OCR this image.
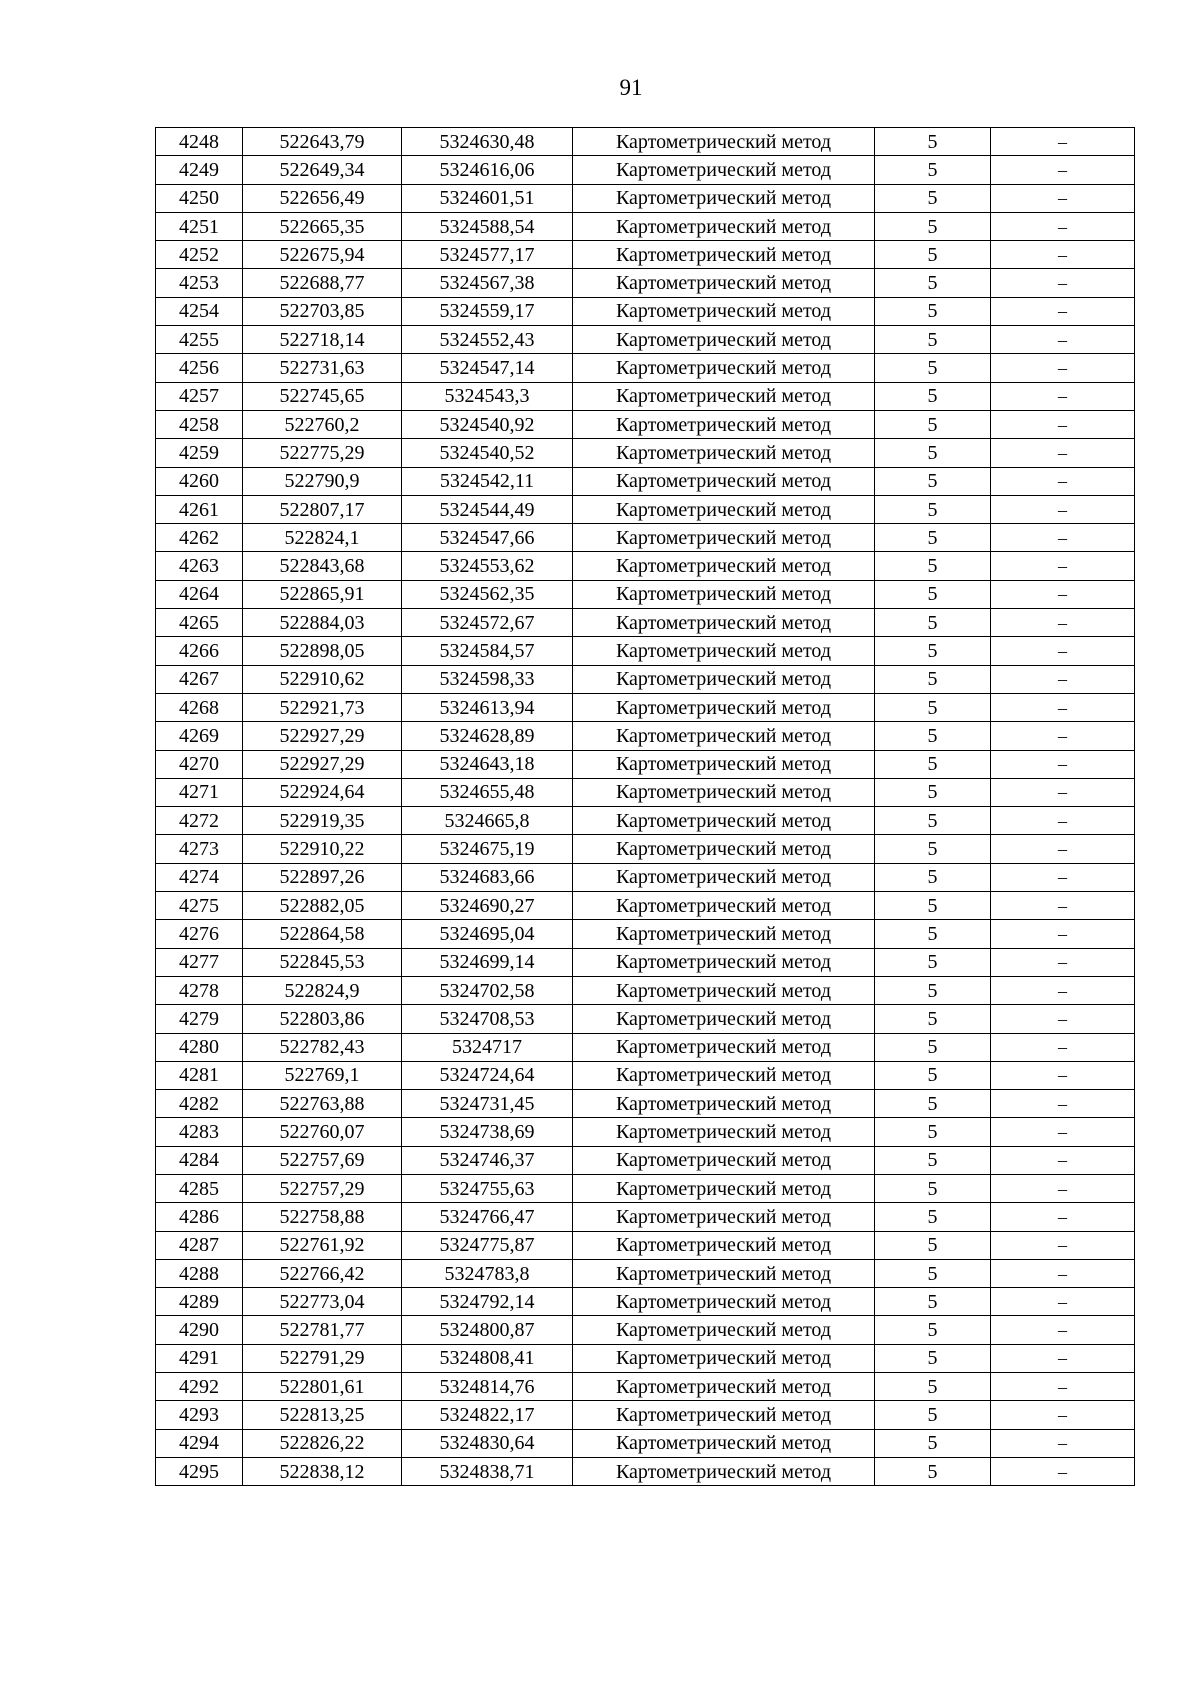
91
4248	522643,79	5324630,48	Картометрический метод	5	–
4249	522649,34	5324616,06	Картометрический метод	5	–
4250	522656,49	5324601,51	Картометрический метод	5	–
4251	522665,35	5324588,54	Картометрический метод	5	–
4252	522675,94	5324577,17	Картометрический метод	5	–
4253	522688,77	5324567,38	Картометрический метод	5	–
4254	522703,85	5324559,17	Картометрический метод	5	–
4255	522718,14	5324552,43	Картометрический метод	5	–
4256	522731,63	5324547,14	Картометрический метод	5	–
4257	522745,65	5324543,3	Картометрический метод	5	–
4258	522760,2	5324540,92	Картометрический метод	5	–
4259	522775,29	5324540,52	Картометрический метод	5	–
4260	522790,9	5324542,11	Картометрический метод	5	–
4261	522807,17	5324544,49	Картометрический метод	5	–
4262	522824,1	5324547,66	Картометрический метод	5	–
4263	522843,68	5324553,62	Картометрический метод	5	–
4264	522865,91	5324562,35	Картометрический метод	5	–
4265	522884,03	5324572,67	Картометрический метод	5	–
4266	522898,05	5324584,57	Картометрический метод	5	–
4267	522910,62	5324598,33	Картометрический метод	5	–
4268	522921,73	5324613,94	Картометрический метод	5	–
4269	522927,29	5324628,89	Картометрический метод	5	–
4270	522927,29	5324643,18	Картометрический метод	5	–
4271	522924,64	5324655,48	Картометрический метод	5	–
4272	522919,35	5324665,8	Картометрический метод	5	–
4273	522910,22	5324675,19	Картометрический метод	5	–
4274	522897,26	5324683,66	Картометрический метод	5	–
4275	522882,05	5324690,27	Картометрический метод	5	–
4276	522864,58	5324695,04	Картометрический метод	5	–
4277	522845,53	5324699,14	Картометрический метод	5	–
4278	522824,9	5324702,58	Картометрический метод	5	–
4279	522803,86	5324708,53	Картометрический метод	5	–
4280	522782,43	5324717	Картометрический метод	5	–
4281	522769,1	5324724,64	Картометрический метод	5	–
4282	522763,88	5324731,45	Картометрический метод	5	–
4283	522760,07	5324738,69	Картометрический метод	5	–
4284	522757,69	5324746,37	Картометрический метод	5	–
4285	522757,29	5324755,63	Картометрический метод	5	–
4286	522758,88	5324766,47	Картометрический метод	5	–
4287	522761,92	5324775,87	Картометрический метод	5	–
4288	522766,42	5324783,8	Картометрический метод	5	–
4289	522773,04	5324792,14	Картометрический метод	5	–
4290	522781,77	5324800,87	Картометрический метод	5	–
4291	522791,29	5324808,41	Картометрический метод	5	–
4292	522801,61	5324814,76	Картометрический метод	5	–
4293	522813,25	5324822,17	Картометрический метод	5	–
4294	522826,22	5324830,64	Картометрический метод	5	–
4295	522838,12	5324838,71	Картометрический метод	5	–
